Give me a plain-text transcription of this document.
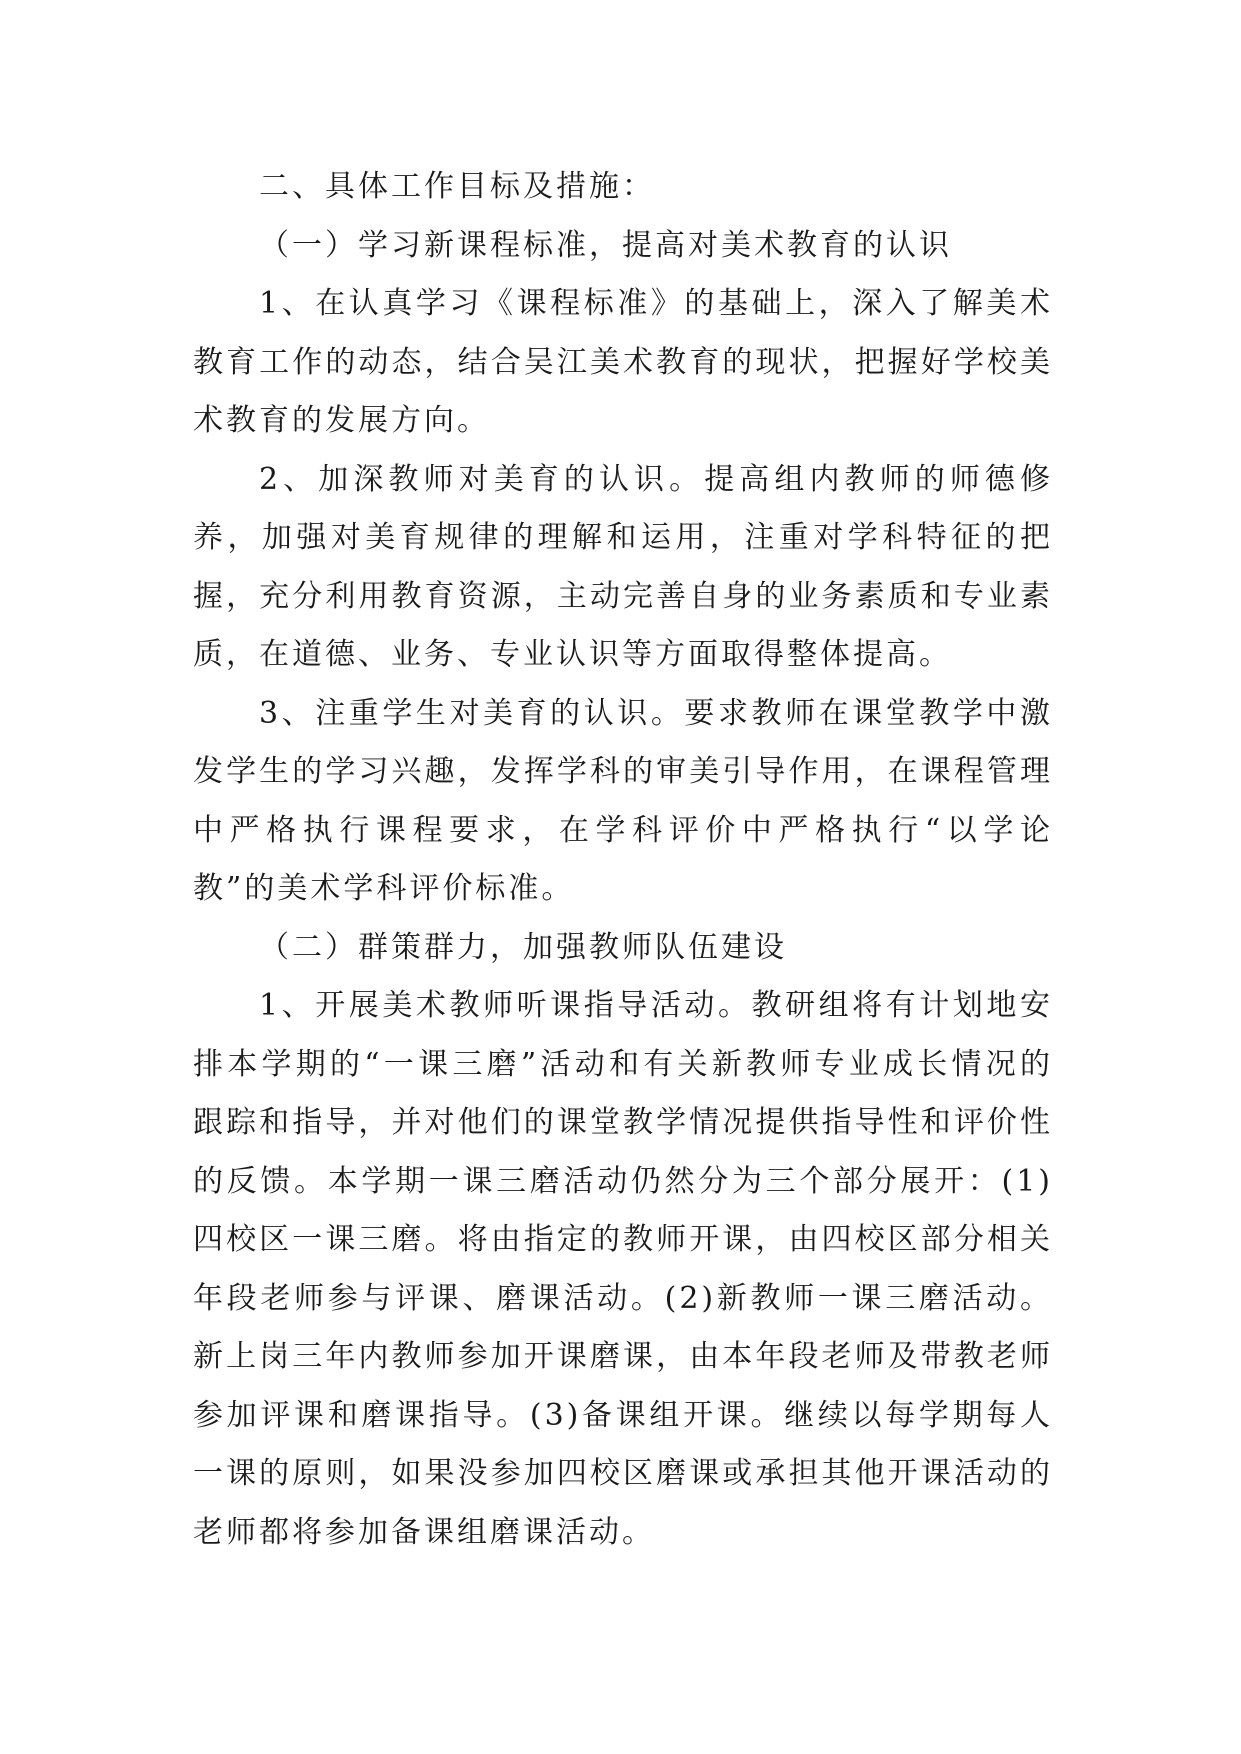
二、具体工作目标及措施：

（一）学习新课程标准，提高对美术教育的认识

1、在认真学习《课程标准》的基础上，深入了解美术教育工作的动态，结合吴江美术教育的现状，把握好学校美术教育的发展方向。

2、加深教师对美育的认识。提高组内教师的师德修养，加强对美育规律的理解和运用，注重对学科特征的把握，充分利用教育资源，主动完善自身的业务素质和专业素质，在道德、业务、专业认识等方面取得整体提高。

3、注重学生对美育的认识。要求教师在课堂教学中激发学生的学习兴趣，发挥学科的审美引导作用，在课程管理中严格执行课程要求，在学科评价中严格执行“以学论教”的美术学科评价标准。

（二）群策群力，加强教师队伍建设

1、开展美术教师听课指导活动。教研组将有计划地安排本学期的“一课三磨”活动和有关新教师专业成长情况的跟踪和指导，并对他们的课堂教学情况提供指导性和评价性的反馈。本学期一课三磨活动仍然分为三个部分展开：(1)四校区一课三磨。将由指定的教师开课，由四校区部分相关年段老师参与评课、磨课活动。(2)新教师一课三磨活动。新上岗三年内教师参加开课磨课，由本年段老师及带教老师参加评课和磨课指导。(3)备课组开课。继续以每学期每人一课的原则，如果没参加四校区磨课或承担其他开课活动的老师都将参加备课组磨课活动。
